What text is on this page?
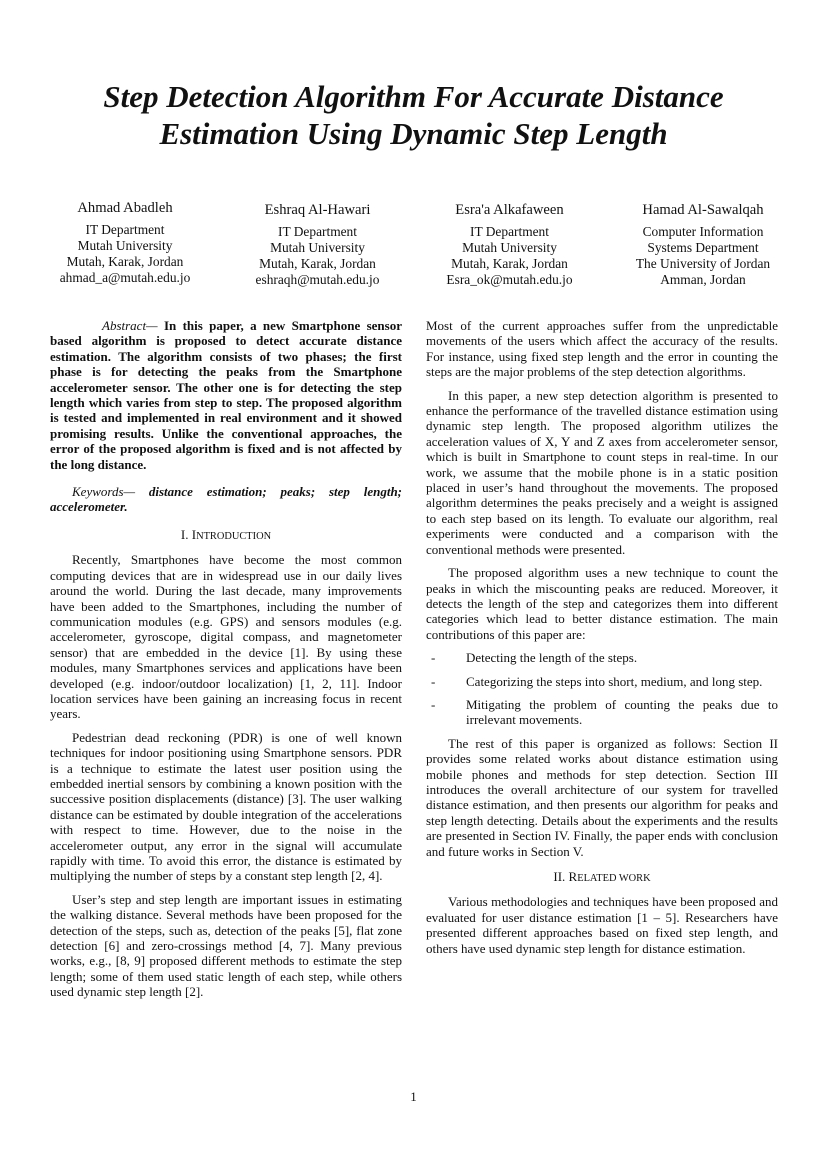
Step Detection Algorithm For Accurate Distance
Estimation Using Dynamic Step Length
Ahmad Abadleh
IT Department
Mutah University
Mutah, Karak, Jordan
ahmad_a@mutah.edu.jo
Eshraq Al-Hawari
IT Department
Mutah University
Mutah, Karak, Jordan
eshraqh@mutah.edu.jo
Esra'a Alkafaween
IT Department
Mutah University
Mutah, Karak, Jordan
Esra_ok@mutah.edu.jo
Hamad Al-Sawalqah
Computer Information
Systems Department
The University of Jordan
Amman, Jordan

Abstract— In this paper, a new Smartphone sensor based algorithm is proposed to detect accurate distance estimation. The algorithm consists of two phases; the first phase is for detecting the peaks from the Smartphone accelerometer sensor. The other one is for detecting the step length which varies from step to step. The proposed algorithm is tested and implemented in real environment and it showed promising results. Unlike the conventional approaches, the error of the proposed algorithm is fixed and is not affected by the long distance.

Keywords— distance estimation; peaks; step length; accelerometer.

I. INTRODUCTION

Recently, Smartphones have become the most common computing devices that are in widespread use in our daily lives around the world. During the last decade, many improvements have been added to the Smartphones, including the number of communication modules (e.g. GPS) and sensors modules (e.g. accelerometer, gyroscope, digital compass, and magnetometer sensor) that are embedded in the device [1]. By using these modules, many Smartphones services and applications have been developed (e.g. indoor/outdoor localization) [1, 2, 11]. Indoor location services have been gaining an increasing focus in recent years.

Pedestrian dead reckoning (PDR) is one of well known techniques for indoor positioning using Smartphone sensors. PDR is a technique to estimate the latest user position using the embedded inertial sensors by combining a known position with the successive position displacements (distance) [3]. The user walking distance can be estimated by double integration of the accelerations with respect to time. However, due to the noise in the accelerometer output, any error in the signal will accumulate rapidly with time. To avoid this error, the distance is estimated by multiplying the number of steps by a constant step length [2, 4].

User’s step and step length are important issues in estimating the walking distance. Several methods have been proposed for the detection of the steps, such as, detection of the peaks [5], flat zone detection [6] and zero-crossings method [4, 7]. Many previous works, e.g., [8, 9] proposed different methods to estimate the step length; some of them used static length of each step, while others used dynamic step length [2].

Most of the current approaches suffer from the unpredictable movements of the users which affect the accuracy of the results. For instance, using fixed step length and the error in counting the steps are the major problems of the step detection algorithms.

In this paper, a new step detection algorithm is presented to enhance the performance of the travelled distance estimation using dynamic step length. The proposed algorithm utilizes the acceleration values of X, Y and Z axes from accelerometer sensor, which is built in Smartphone to count steps in real-time. In our work, we assume that the mobile phone is in a static position placed in user’s hand throughout the movements. The proposed algorithm determines the peaks precisely and a weight is assigned to each step based on its length. To evaluate our algorithm, real experiments were conducted and a comparison with the conventional methods were presented.

The proposed algorithm uses a new technique to count the peaks in which the miscounting peaks are reduced. Moreover, it detects the length of the step and categorizes them into different categories which lead to better distance estimation. The main contributions of this paper are:

- Detecting the length of the steps.

- Categorizing the steps into short, medium, and long step.

- Mitigating the problem of counting the peaks due to irrelevant movements.

The rest of this paper is organized as follows: Section II provides some related works about distance estimation using mobile phones and methods for step detection. Section III introduces the overall architecture of our system for travelled distance estimation, and then presents our algorithm for peaks and step length detecting. Details about the experiments and the results are presented in Section IV. Finally, the paper ends with conclusion and future works in Section V.

II. RELATED WORK

Various methodologies and techniques have been proposed and evaluated for user distance estimation [1 – 5]. Researchers have presented different approaches based on fixed step length, and others have used dynamic step length for distance estimation.

1
